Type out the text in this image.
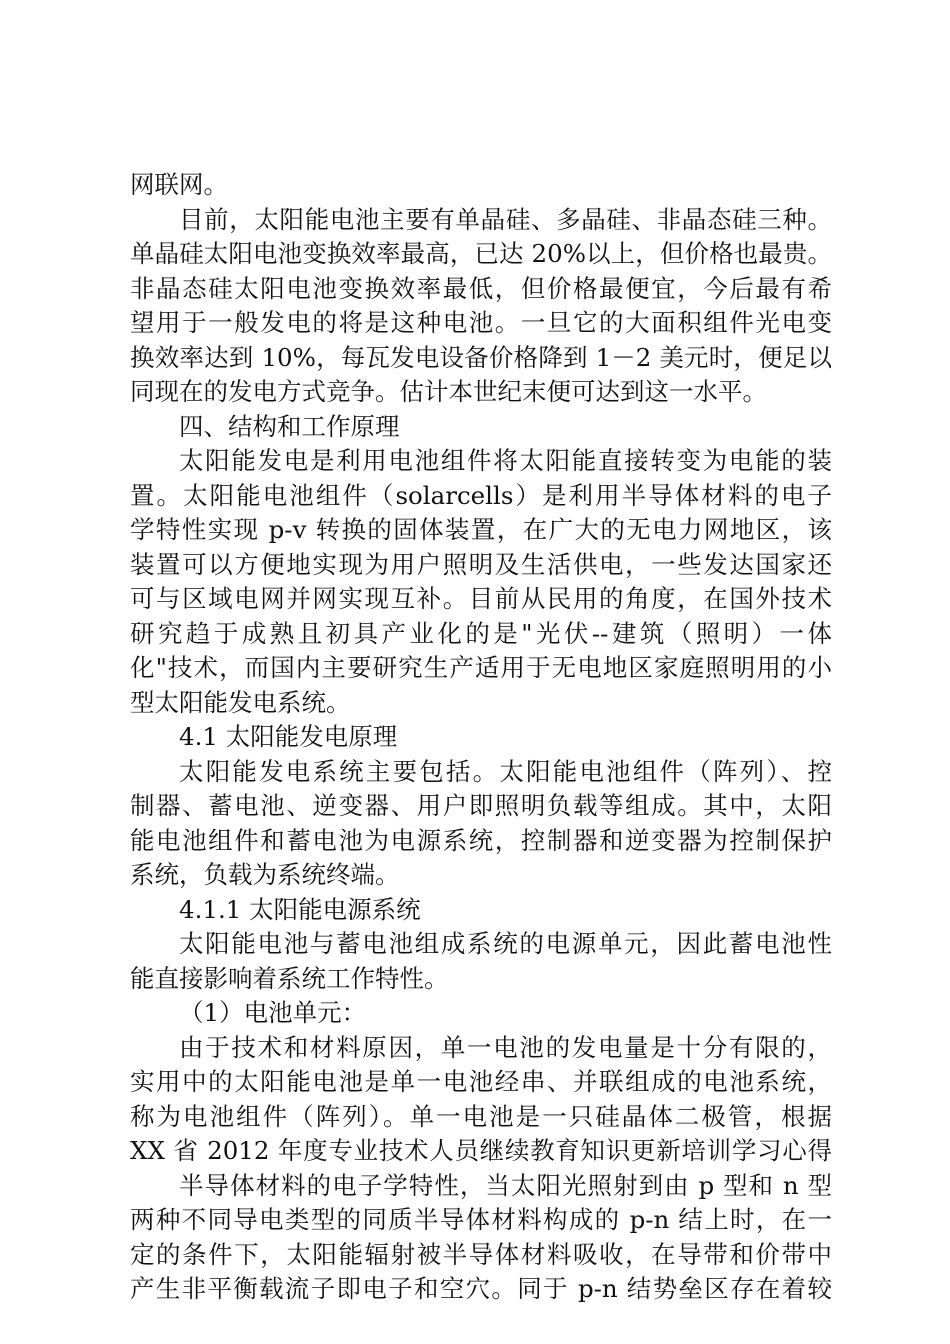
网联网。
目前，太阳能电池主要有单晶硅、多晶硅、非晶态硅三种。
单晶硅太阳电池变换效率最高，已达 20%以上，但价格也最贵。
非晶态硅太阳电池变换效率最低，但价格最便宜，今后最有希
望用于一般发电的将是这种电池。一旦它的大面积组件光电变
换效率达到 10%，每瓦发电设备价格降到 1－2 美元时，便足以
同现在的发电方式竞争。估计本世纪末便可达到这一水平。
四、结构和工作原理
太阳能发电是利用电池组件将太阳能直接转变为电能的装
置。太阳能电池组件（solarcells）是利用半导体材料的电子
学特性实现 p-v 转换的固体装置，在广大的无电力网地区，该
装置可以方便地实现为用户照明及生活供电，一些发达国家还
可与区域电网并网实现互补。目前从民用的角度，在国外技术
研究趋于成熟且初具产业化的是"光伏--建筑（照明）一体
化"技术，而国内主要研究生产适用于无电地区家庭照明用的小
型太阳能发电系统。
4.1 太阳能发电原理
太阳能发电系统主要包括。太阳能电池组件（阵列）、控
制器、蓄电池、逆变器、用户即照明负载等组成。其中，太阳
能电池组件和蓄电池为电源系统，控制器和逆变器为控制保护
系统，负载为系统终端。
4.1.1 太阳能电源系统
太阳能电池与蓄电池组成系统的电源单元，因此蓄电池性
能直接影响着系统工作特性。
（1）电池单元：
由于技术和材料原因，单一电池的发电量是十分有限的，
实用中的太阳能电池是单一电池经串、并联组成的电池系统，
称为电池组件（阵列）。单一电池是一只硅晶体二极管，根据
XX 省 2012 年度专业技术人员继续教育知识更新培训学习心得
半导体材料的电子学特性，当太阳光照射到由 p 型和 n 型
两种不同导电类型的同质半导体材料构成的 p-n 结上时，在一
定的条件下，太阳能辐射被半导体材料吸收，在导带和价带中
产生非平衡载流子即电子和空穴。同于 p-n 结势垒区存在着较
